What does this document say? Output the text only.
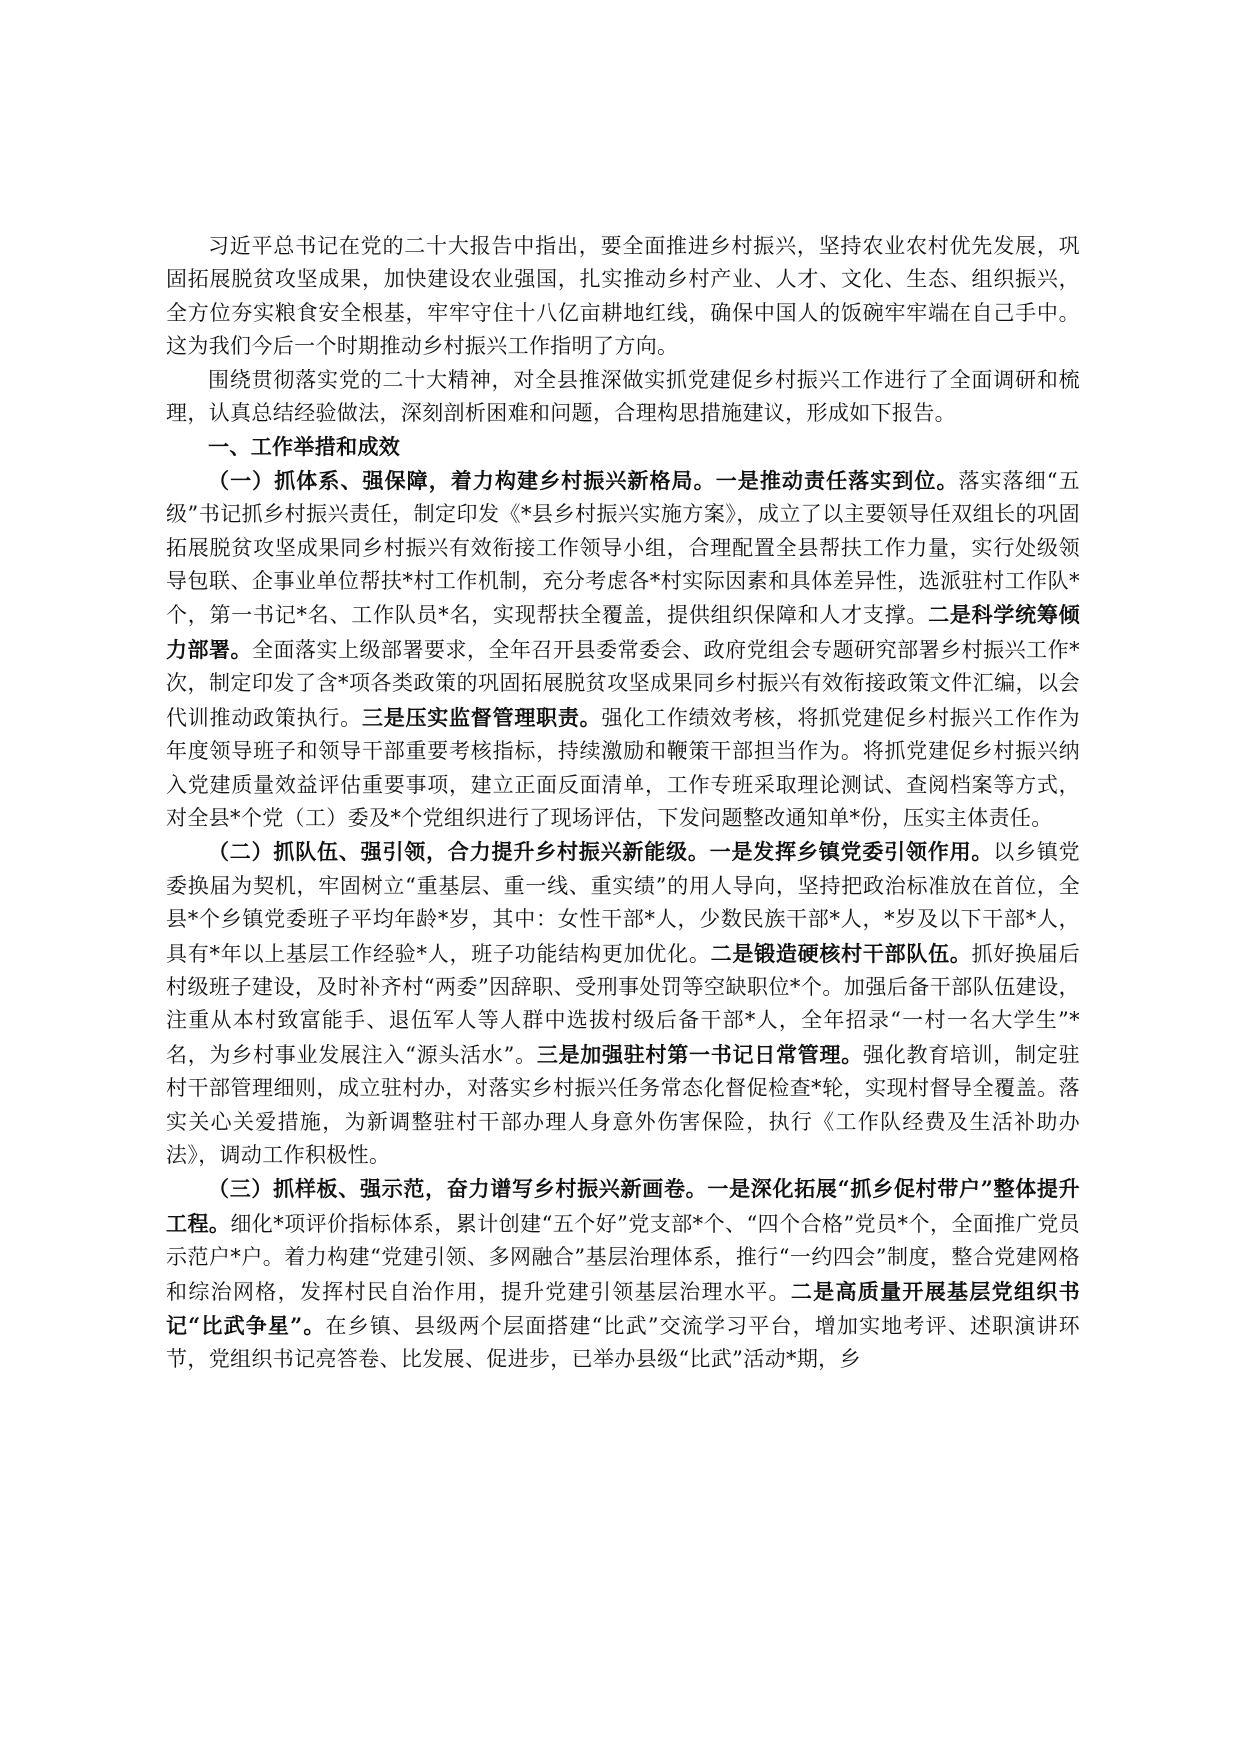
习近平总书记在党的二十大报告中指出，要全面推进乡村振兴，坚持农业农村优先发展，巩固拓展脱贫攻坚成果，加快建设农业强国，扎实推动乡村产业、人才、文化、生态、组织振兴，全方位夯实粮食安全根基，牢牢守住十八亿亩耕地红线，确保中国人的饭碗牢牢端在自己手中。这为我们今后一个时期推动乡村振兴工作指明了方向。

围绕贯彻落实党的二十大精神，对全县推深做实抓党建促乡村振兴工作进行了全面调研和梳理，认真总结经验做法，深刻剖析困难和问题，合理构思措施建议，形成如下报告。

一、工作举措和成效

（一）抓体系、强保障，着力构建乡村振兴新格局。一是推动责任落实到位。落实落细“五级”书记抓乡村振兴责任，制定印发《*县乡村振兴实施方案》，成立了以主要领导任双组长的巩固拓展脱贫攻坚成果同乡村振兴有效衔接工作领导小组，合理配置全县帮扶工作力量，实行处级领导包联、企事业单位帮扶*村工作机制，充分考虑各*村实际因素和具体差异性，选派驻村工作队*个，第一书记*名、工作队员*名，实现帮扶全覆盖，提供组织保障和人才支撑。二是科学统筹倾力部署。全面落实上级部署要求，全年召开县委常委会、政府党组会专题研究部署乡村振兴工作*次，制定印发了含*项各类政策的巩固拓展脱贫攻坚成果同乡村振兴有效衔接政策文件汇编，以会代训推动政策执行。三是压实监督管理职责。强化工作绩效考核，将抓党建促乡村振兴工作作为年度领导班子和领导干部重要考核指标，持续激励和鞭策干部担当作为。将抓党建促乡村振兴纳入党建质量效益评估重要事项，建立正面反面清单，工作专班采取理论测试、查阅档案等方式，对全县*个党（工）委及*个党组织进行了现场评估，下发问题整改通知单*份，压实主体责任。

（二）抓队伍、强引领，合力提升乡村振兴新能级。一是发挥乡镇党委引领作用。以乡镇党委换届为契机，牢固树立“重基层、重一线、重实绩”的用人导向，坚持把政治标准放在首位，全县*个乡镇党委班子平均年龄*岁，其中：女性干部*人，少数民族干部*人，*岁及以下干部*人，具有*年以上基层工作经验*人，班子功能结构更加优化。二是锻造硬核村干部队伍。抓好换届后村级班子建设，及时补齐村“两委”因辞职、受刑事处罚等空缺职位*个。加强后备干部队伍建设，注重从本村致富能手、退伍军人等人群中选拔村级后备干部*人，全年招录“一村一名大学生”*名，为乡村事业发展注入“源头活水”。三是加强驻村第一书记日常管理。强化教育培训，制定驻村干部管理细则，成立驻村办，对落实乡村振兴任务常态化督促检查*轮，实现村督导全覆盖。落实关心关爱措施，为新调整驻村干部办理人身意外伤害保险，执行《工作队经费及生活补助办法》，调动工作积极性。

（三）抓样板、强示范，奋力谱写乡村振兴新画卷。一是深化拓展“抓乡促村带户”整体提升工程。细化*项评价指标体系，累计创建“五个好”党支部*个、“四个合格”党员*个，全面推广党员示范户*户。着力构建“党建引领、多网融合”基层治理体系，推行“一约四会”制度，整合党建网格和综治网格，发挥村民自治作用，提升党建引领基层治理水平。二是高质量开展基层党组织书记“比武争星”。在乡镇、县级两个层面搭建“比武”交流学习平台，增加实地考评、述职演讲环节，党组织书记亮答卷、比发展、促进步，已举办县级“比武”活动*期，乡
